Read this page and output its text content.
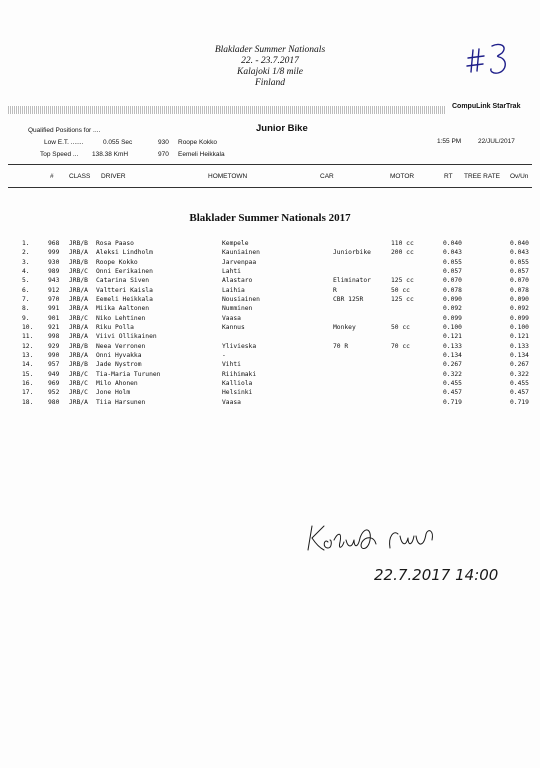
Blaklader Summer Nationals
22. - 23.7.2017
Kalajoki 1/8 mile
Finland
CompuLink StarTrak
Qualified Positions for ....
Low E.T. .......	0.055 Sec	930 Roope Kokko
Top Speed ... 138.38 KmH	970 Eemeli Heikkala
Junior Bike
1:55 PM	22/JUL/2017
# CLASS DRIVER	HOMETOWN	CAR	MOTOR	RT TREE RATE Ov/Un
Blaklader Summer Nationals 2017
1.	968 JRB/B Rosa Paaso	Kempele	110 cc	0.040	0.040
2.	999 JRB/A Aleksi Lindholm	Kauniainen	Juniorbike	200 cc	0.043	0.043
3.	930 JRB/B Roope Kokko	Jarvenpaa	0.055	0.055
4.	989 JRB/C Onni Eerikainen	Lahti	0.057	0.057
5.	943 JRB/B Catarina Siven	Alastaro	Eliminator	125 cc	0.070	0.070
6.	912 JRB/A Valtteri Kaisla	Laihia	R	50 cc	0.078	0.078
7.	970 JRB/A Eemeli Heikkala	Nousiainen	CBR 125R	125 cc	0.090	0.090
8.	991 JRB/A Miika Aaltonen	Numminen	0.092	0.092
9.	901 JRB/C Niko Lehtinen	Vaasa	0.099	0.099
10. 921 JRB/A Riku Polla	Kannus	Monkey	50 cc	0.100	0.100
11. 998 JRB/A Viivi Ollikainen	0.121	0.121
12. 929 JRB/B Neea Verronen	Ylivieska	70 R	70 cc	0.133	0.133
13. 990 JRB/A Onni Hyvakka	-	0.134	0.134
14. 957 JRB/B Jade Nystrom	Vihti	0.267	0.267
15. 949 JRB/C Tia-Maria Turunen	Riihimaki	0.322	0.322
16. 969 JRB/C Milo Ahonen	Kalliola	0.455	0.455
17. 952 JRB/C Jone Holm	Helsinki	0.457	0.457
18. 980 JRB/A Tiia Harsunen	Vaasa	0.719	0.719
22.7.2017 14:00
